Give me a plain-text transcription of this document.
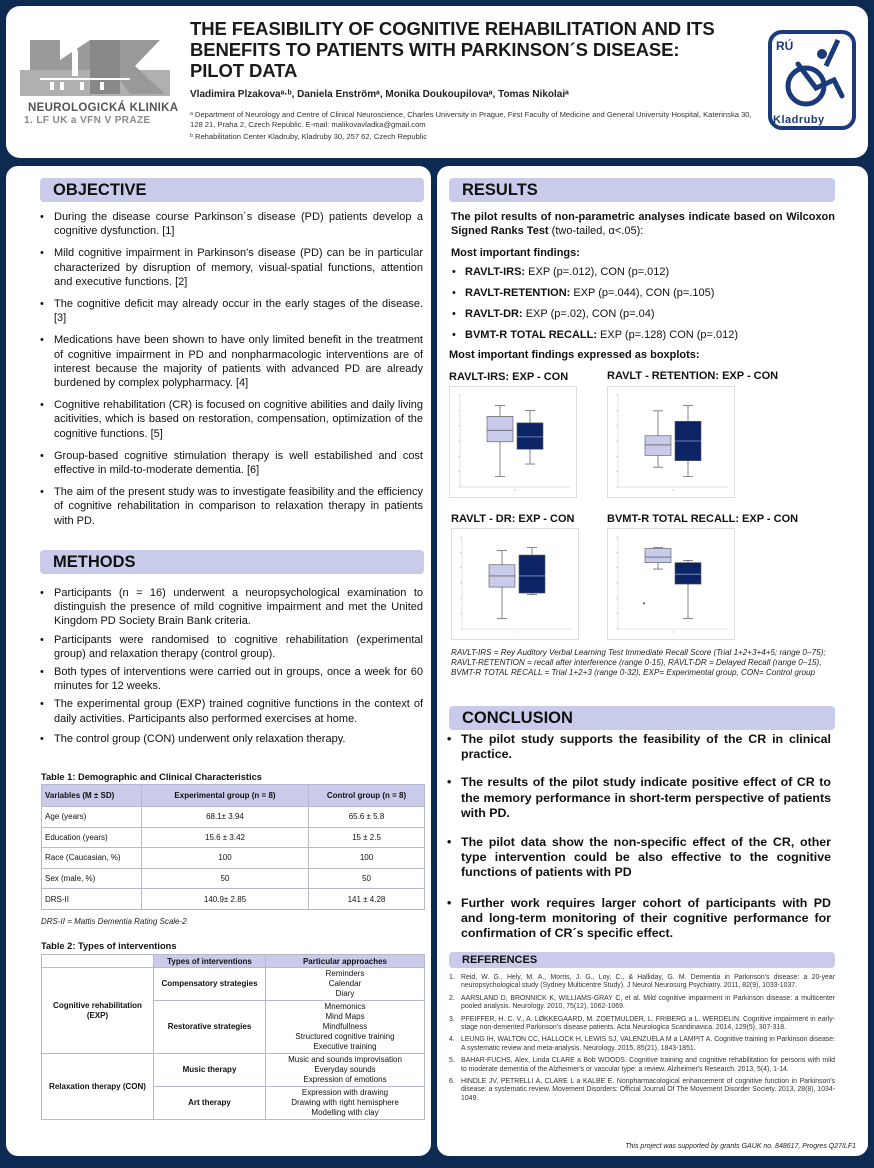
NEUROLOGICKÁ KLINIKA
1. LF UK a VFN V PRAZE
THE FEASIBILITY OF COGNITIVE REHABILITATION AND ITS
BENEFITS TO PATIENTS WITH PARKINSON´S DISEASE:
PILOT DATA
Vladimira Plzakovaᵃ·ᵇ, Daniela Enströmᵃ, Monika Doukoupilovaᵃ, Tomas Nikolaiᵃ
ᵃ Department of Neurology and Centre of Clinical Neuroscience, Charles University in Prague, First Faculty of Medicine and General University Hospital, Katerinska 30, 128 21, Praha 2, Czech Republic. E-mail: malikovavladka@gmail.com
ᵇ Rehabilitation Center Kladruby, Kladruby 30, 257 62, Czech Republic
RÚ
Kladruby
OBJECTIVE
• During the disease course Parkinson´s disease (PD) patients develop a cognitive dysfunction. [1]
• Mild cognitive impairment in Parkinson's disease (PD) can be in particular characterized by disruption of memory, visual-spatial functions, attention and executive functions. [2]
• The cognitive deficit may already occur in the early stages of the disease. [3]
• Medications have been shown to have only limited benefit in the treatment of cognitive impairment in PD and nonpharmacologic interventions are of interest because the majority of patients with advanced PD are already burdened by complex polypharmacy. [4]
• Cognitive rehabilitation (CR) is focused on cognitive abilities and daily living acitivities, which is based on restoration, compensation, optimization of the cognitive functions. [5]
• Group-based cognitive stimulation therapy is well estabilished and cost effective in mild-to-moderate dementia. [6]
• The aim of the present study was to investigate feasibility and the efficiency of cognitive rehabilitation in comparison to relaxation therapy in patients with PD.
METHODS
• Participants (n = 16) underwent a neuropsychological examination to distinguish the presence of mild cognitive impairment and met the United Kingdom PD Society Brain Bank criteria.
• Participants were randomised to cognitive rehabilitation (experimental group) and relaxation therapy (control group).
• Both types of interventions were carried out in groups, once a week for 60 minutes for 12 weeks.
• The experimental group (EXP) trained cognitive functions in the context of daily activities. Participants also performed exercises at home.
• The control group (CON) underwent only relaxation therapy.
Table 1: Demographic and Clinical Characteristics
Variables (M ± SD)	Experimental group (n = 8)	Control group (n = 8)
Age (years)	68.1± 3.94	65.6 ± 5.8
Education (years)	15.6 ± 3.42	15 ± 2.5
Race (Caucasian, %)	100	100
Sex (male, %)	50	50
DRS-II	140.9± 2.85	141 ± 4.28
DRS-II = Mattis Dementia Rating Scale-2
Table 2: Types of interventions
	Types of interventions	Particular approaches
Cognitive rehabilitation (EXP)	Compensatory strategies	Reminders
Calendar
Diary

	Restorative strategies	Mnemonics
Mind Maps
Mindfullness
Structured cognitive training
Executive training

Relaxation therapy (CON)	Music therapy	Music and sounds improvisation
Everyday sounds
Expression of emotions

	Art therapy	Expression with drawing
Drawing with right hemisphere
Modelling with clay
RESULTS
The pilot results of non-parametric analyses indicate based on Wilcoxon Signed Ranks Test (two-tailed, α<.05):
Most important findings:
• RAVLT-IRS: EXP (p=.012), CON (p=.012)
• RAVLT-RETENTION: EXP (p=.044), CON (p=.105)
• RAVLT-DR: EXP (p=.02), CON (p=.04)
• BVMT-R TOTAL RECALL: EXP (p=.128) CON (p=.012)
Most important findings expressed as boxplots:
RAVLT-IRS: EXP - CON	RAVLT - RETENTION: EXP - CON
RAVLT - DR: EXP - CON	BVMT-R TOTAL RECALL: EXP - CON
RAVLT-IRS = Rey Auditory Verbal Learning Test Immediate Recall Score (Trial 1+2+3+4+5; range 0−75); RAVLT-RETENTION = recall after interference (range 0-15), RAVLT-DR = Delayed Recall (range 0−15), BVMT-R TOTAL RECALL = Trial 1+2+3 (range 0-32), EXP= Experimental group, CON= Control group
CONCLUSION
• The pilot study supports the feasibility of the CR in clinical practice.
• The results of the pilot study indicate positive effect of CR to the memory performance in short-term perspective of patients with PD.
• The pilot data show the non-specific effect of the CR, other type intervention could be also effective to the cognitive functions of patients with PD
• Further work requires larger cohort of participants with PD and long-term monitoring of their cognitive performance for confirmation of CR´s specific effect.
REFERENCES
1. Reid, W. G., Hely, M. A., Morris, J. G., Loy, C., & Halliday, G. M. Dementia in Parkinson's disease: a 20-year neuropsychological study (Sydney Multicentre Study). J Neurol Neurosurg Psychiatry. 2011, 82(9), 1033-1037.
2. AARSLAND D, BRONNICK K, WILLIAMS-GRAY C, et al. Mild cognitive impairment in Parkinson disease: a multicenter pooled analysis. Neurology. 2010, 75(12), 1062-1069.
3. PFEIFFER, H. C. V., A. LØKKEGAARD, M. ZOETMULDER, L. FRIBERG a L. WERDELIN. Cognitive impairment in early-stage non-demented Parkinson's disease patients. Acta Neurologica Scandinavica. 2014, 129(5), 307-318.
4. LEUNG IH, WALTON CC, HALLOCK H, LEWIS SJ, VALENZUELA M a LAMPIT A. Cognitive training in Parkinson disease: A systematic review and meta-analysis. Neurology. 2015, 85(21), 1843-1851.
5. BAHAR-FUCHS, Alex, Linda CLARE a Bob WOODS. Cognitive training and cognitive rehabilitation for persons with mild to moderate dementia of the Alzheimer's or vascular type: a review. Alzheimer's Research. 2013, 5(4), 1-14.
6. HINDLE JV, PETRELLI A, CLARE L a KALBE E. Nonpharmacological enhancement of cognitive function in Parkinson's disease: a systematic review. Movement Disorders: Official Journal Of The Movement Disorder Society. 2013, 28(8), 1034-1049.
This project was supported by grants GAUK no. 848617, Progres Q27/LF1
